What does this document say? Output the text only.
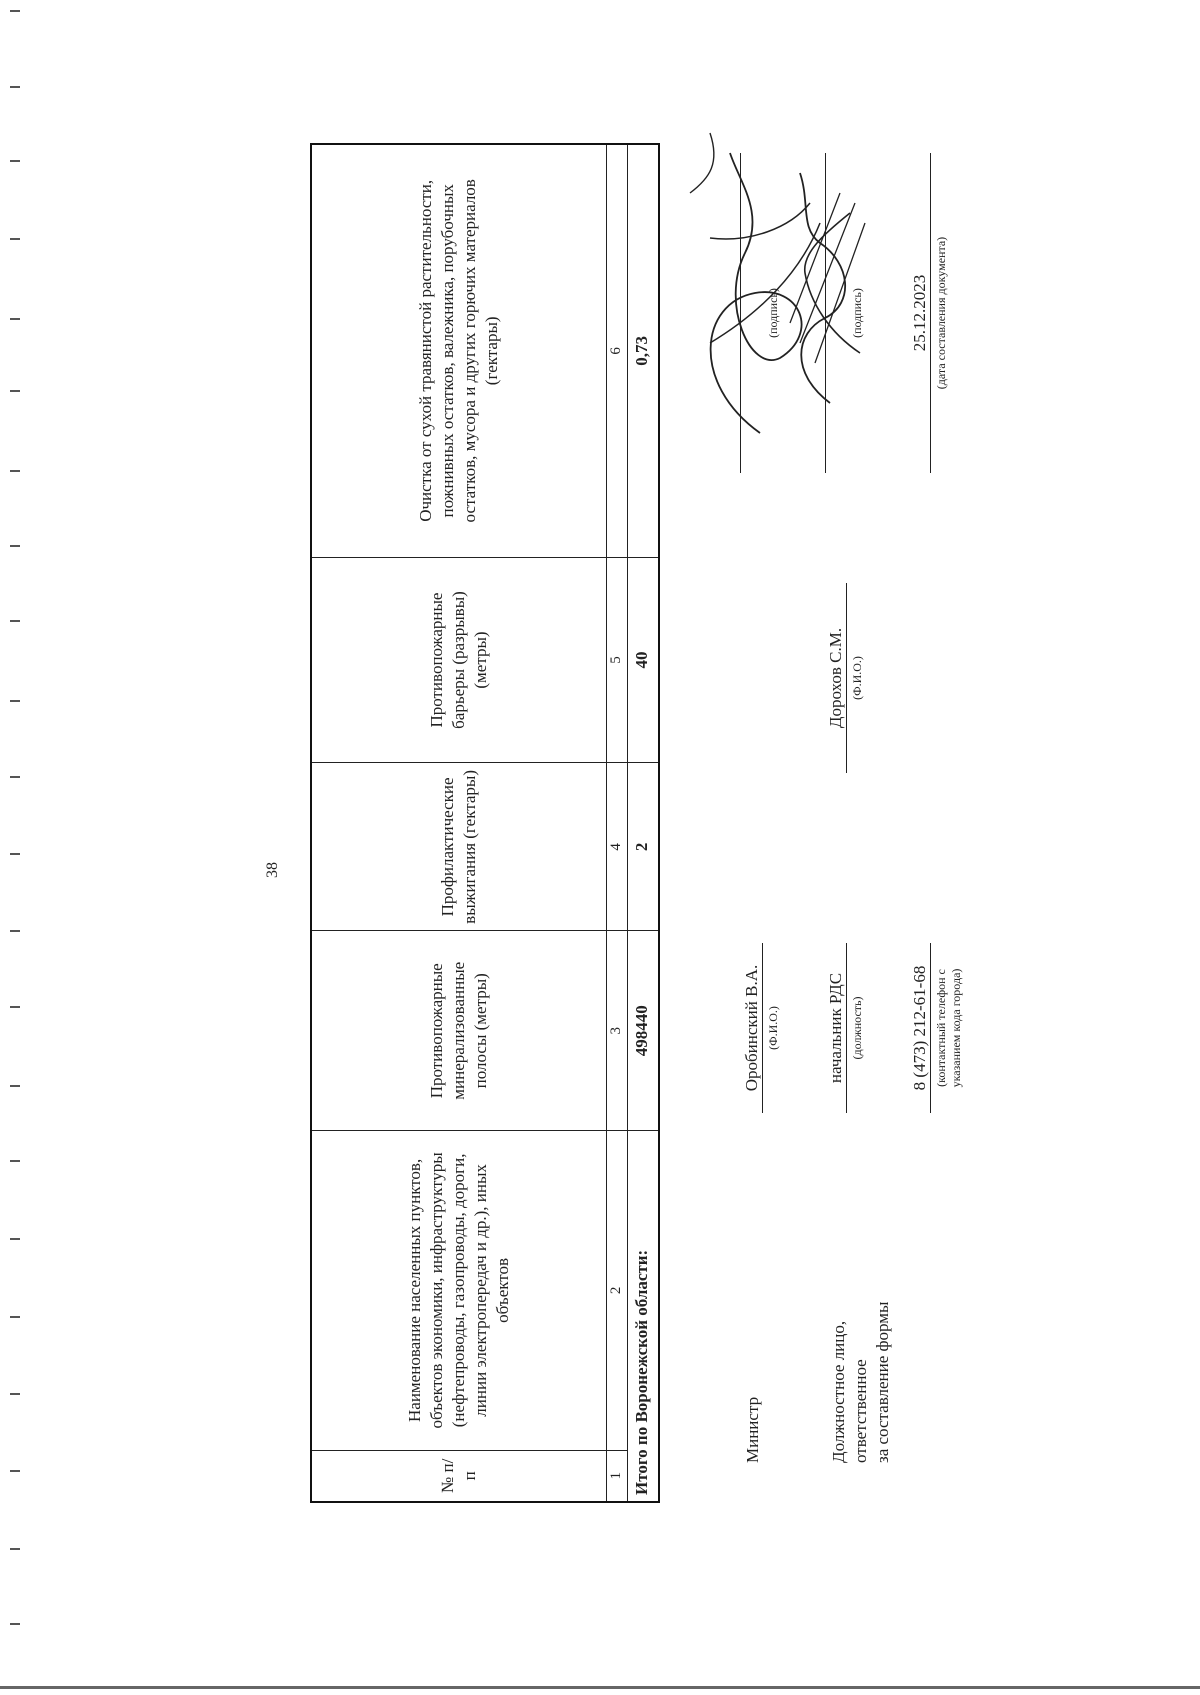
38
№ п/п	Наименование населенных пунктов, объектов экономики, инфраструктуры (нефтепроводы, газопроводы, дороги, линии электропередач и др.), иных объектов	Противопожарные минерализованные полосы (метры)	Профилактические выжигания (гектары)	Противопожарные барьеры (разрывы) (метры)	Очистка от сухой травянистой растительности, пожнивных остатков, валежника, порубочных остатков, мусора и других горючих материалов (гектары)
1	2	3	4	5	6
Итого по Воронежской области:		498440	2	40	0,73
Министр
Оробинский В.А. (Ф.И.О.)
(подпись)
Должностное лицо, ответственное за составление формы
начальник РДС (должность)
Дорохов С.М. (Ф.И.О.)
(подпись)
8 (473) 212-61-68 (контактный телефон с указанием кода города)
25.12.2023 (дата составления документа)
